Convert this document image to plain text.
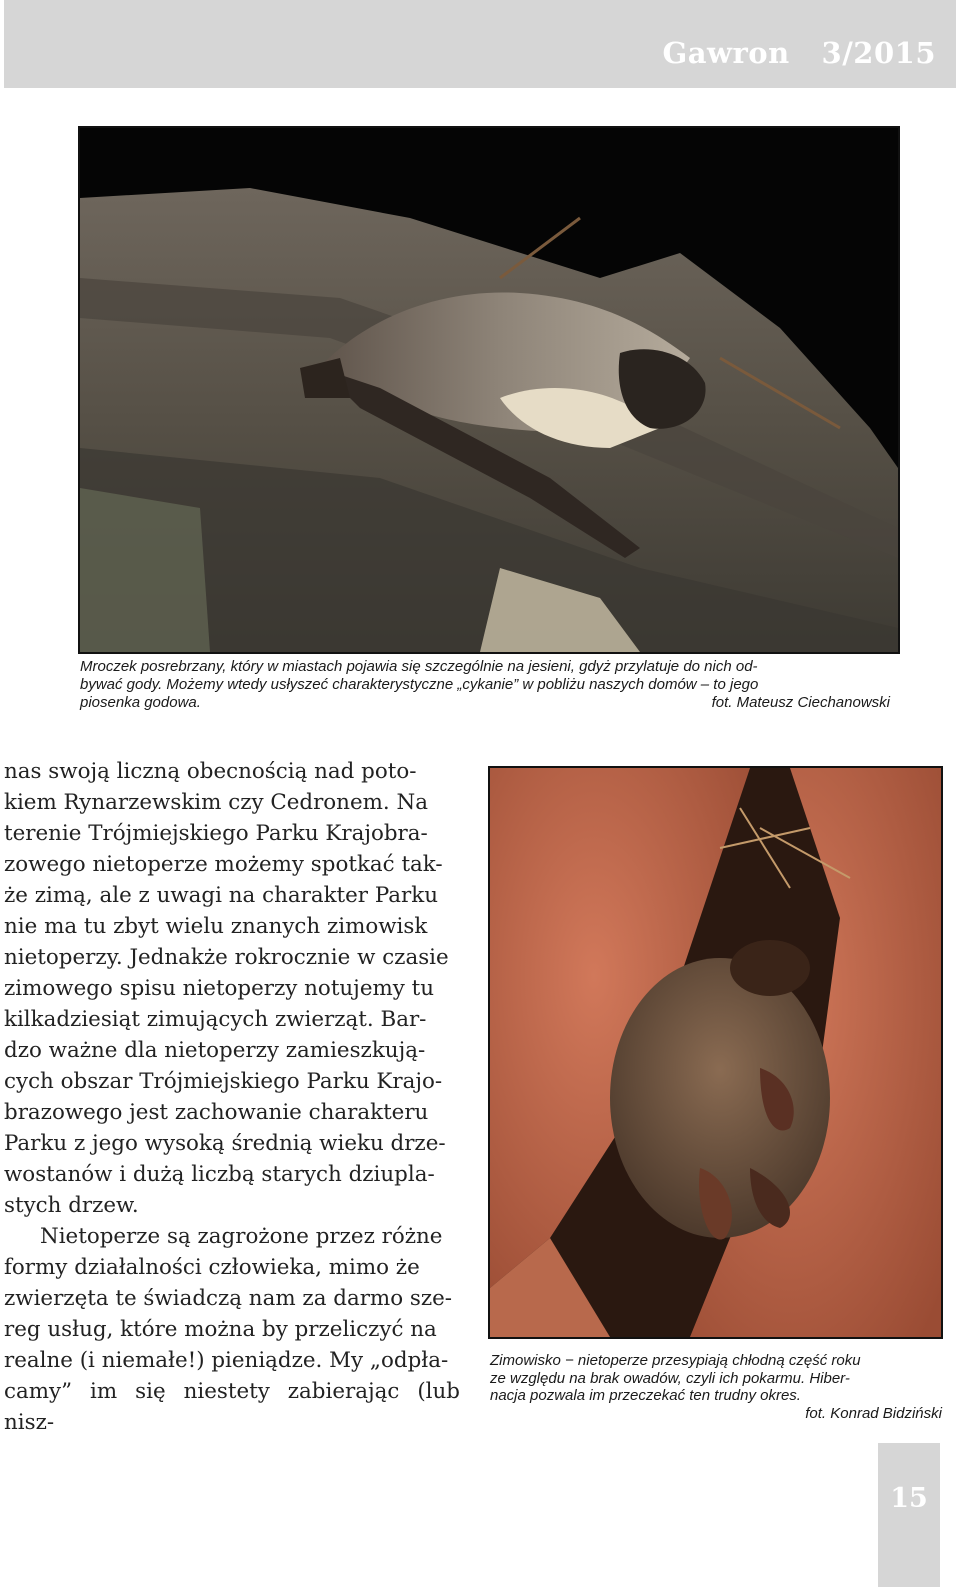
Gawron   3/2015

Mroczek posrebrzany, który w miastach pojawia się szczególnie na jesieni, gdyż przylatuje do nich od-

bywać gody. Możemy wtedy usłyszeć charakterystyczne „cykanie” w pobliżu naszych domów – to jego

piosenka godowa.	fot. Mateusz Ciechanowski

nas swoją liczną obecnością nad poto-
kiem Rynarzewskim czy Cedronem. Na
terenie Trójmiejskiego Parku Krajobra-
zowego nietoperze możemy spotkać tak-
że zimą, ale z uwagi na charakter Parku
nie ma tu zbyt wielu znanych zimowisk
nietoperzy. Jednakże rokrocznie w czasie
zimowego spisu nietoperzy notujemy tu
kilkadziesiąt zimujących zwierząt. Bar-
dzo ważne dla nietoperzy zamieszkują-
cych obszar Trójmiejskiego Parku Krajo-
brazowego jest zachowanie charakteru
Parku z jego wysoką średnią wieku drze-
wostanów i dużą liczbą starych dziupla-
stych drzew.

Nietoperze są zagrożone przez różne
formy działalności człowieka, mimo że
zwierzęta te świadczą nam za darmo sze-
reg usług, które można by przeliczyć na
realne (i niemałe!) pieniądze. My „odpła-
camy” im się niestety zabierając (lub nisz-

Zimowisko − nietoperze przesypiają chłodną część roku

ze względu na brak owadów, czyli ich pokarmu. Hiber-

nacja pozwala im przeczekać ten trudny okres.

fot. Konrad Bidziński

15
